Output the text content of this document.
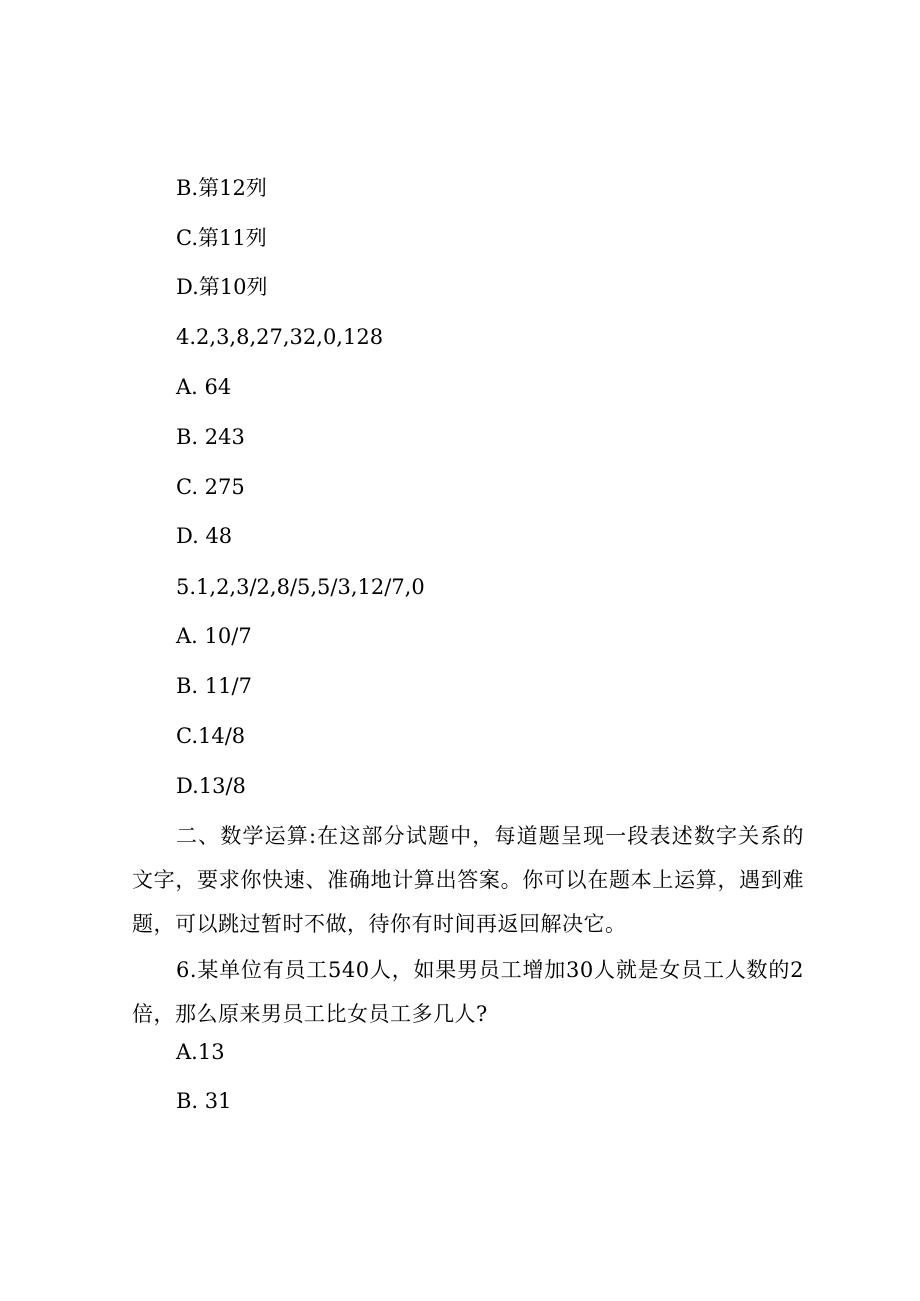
B.第12列
C.第11列
D.第10列
4.2,3,8,27,32,0,128
A. 64
B. 243
C. 275
D. 48
5.1,2,3/2,8/5,5/3,12/7,0
A. 10/7
B. 11/7
C.14/8
D.13/8
二、数学运算:在这部分试题中，每道题呈现一段表述数字关系的文字，要求你快速、准确地计算出答案。你可以在题本上运算，遇到难题，可以跳过暂时不做，待你有时间再返回解决它。
6.某单位有员工540人，如果男员工增加30人就是女员工人数的2倍，那么原来男员工比女员工多几人?
A.13
B. 31
